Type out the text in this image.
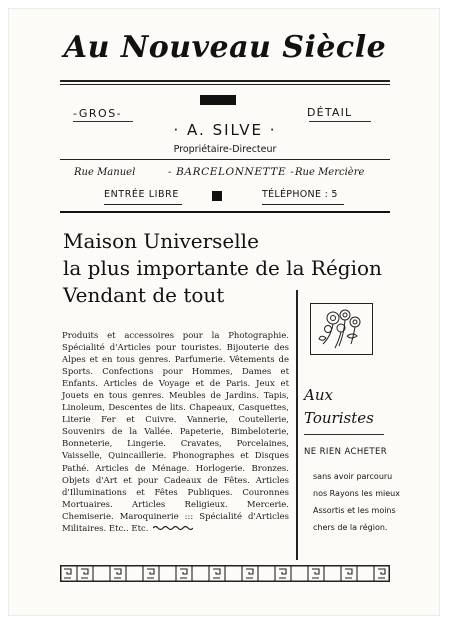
Au Nouveau Siècle
-GROS-	DÉTAIL
· A. SILVE ·
Propriétaire-Directeur
Rue Manuel	- BARCELONNETTE - Rue Mercière
ENTRÉE LIBRE	TÉLÉPHONE : 5
Maison Universelle
la plus importante de la Région
Vendant de tout
Produits et accessoires pour la Photographie. Spécialité d'Articles pour touristes. Bijouterie des Alpes et en tous genres. Parfumerie. Vêtements de Sports. Confections pour Hommes, Dames et Enfants. Articles de Voyage et de Paris. Jeux et Jouets en tous genres. Meubles de Jardins. Tapis, Linoleum, Descentes de lits. Chapeaux, Casquettes, Literie Fer et Cuivre. Vannerie, Coutellerie, Souvenirs de la Vallée. Papeterie, Bimbeloterie, Bonneterie, Lingerie. Cravates, Porcelaines, Vaisselle, Quincaillerie. Phonographes et Disques Pathé. Articles de Ménage. Horlogerie. Bronzes. Objets d'Art et pour Cadeaux de Fêtes. Articles d'Illuminations et Fêtes Publiques. Couronnes Mortuaires. Articles Religieux. Mercerie. Chemiserie. Maroquinerie ::: Spécialité d'Articles Militaires. Etc.. Etc.
Aux
Touristes
NE RIEN ACHETER
sans avoir parcouru
nos Rayons les mieux
Assortis et les moins
chers de la région.
